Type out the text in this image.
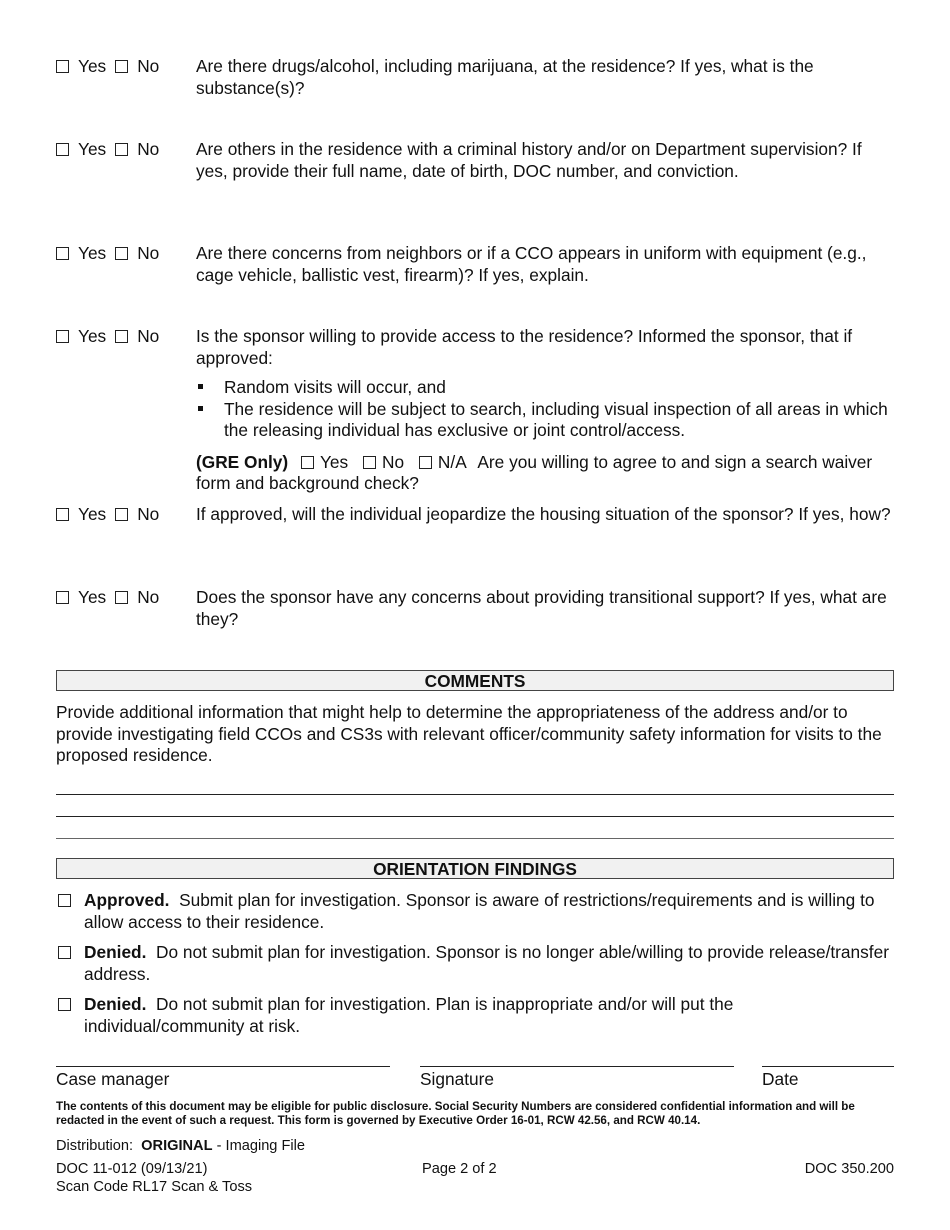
Yes No	Are there drugs/alcohol, including marijuana, at the residence? If yes, what is the substance(s)?
Yes No	Are others in the residence with a criminal history and/or on Department supervision? If yes, provide their full name, date of birth, DOC number, and conviction.
Yes No	Are there concerns from neighbors or if a CCO appears in uniform with equipment (e.g., cage vehicle, ballistic vest, firearm)? If yes, explain.
Yes No	Is the sponsor willing to provide access to the residence? Informed the sponsor, that if approved:
Random visits will occur, and
The residence will be subject to search, including visual inspection of all areas in which the releasing individual has exclusive or joint control/access.
(GRE Only) Yes No N/A Are you willing to agree to and sign a search waiver form and background check?
Yes No	If approved, will the individual jeopardize the housing situation of the sponsor? If yes, how?
Yes No	Does the sponsor have any concerns about providing transitional support? If yes, what are they?
COMMENTS
Provide additional information that might help to determine the appropriateness of the address and/or to provide investigating field CCOs and CS3s with relevant officer/community safety information for visits to the proposed residence.
ORIENTATION FINDINGS
Approved. Submit plan for investigation. Sponsor is aware of restrictions/requirements and is willing to allow access to their residence.
Denied. Do not submit plan for investigation. Sponsor is no longer able/willing to provide release/transfer address.
Denied. Do not submit plan for investigation. Plan is inappropriate and/or will put the individual/community at risk.
Case manager	Signature	Date
The contents of this document may be eligible for public disclosure. Social Security Numbers are considered confidential information and will be redacted in the event of such a request. This form is governed by Executive Order 16-01, RCW 42.56, and RCW 40.14.
Distribution: ORIGINAL - Imaging File
DOC 11-012 (09/13/21)
Scan Code RL17 Scan & Toss
Page 2 of 2	DOC 350.200
